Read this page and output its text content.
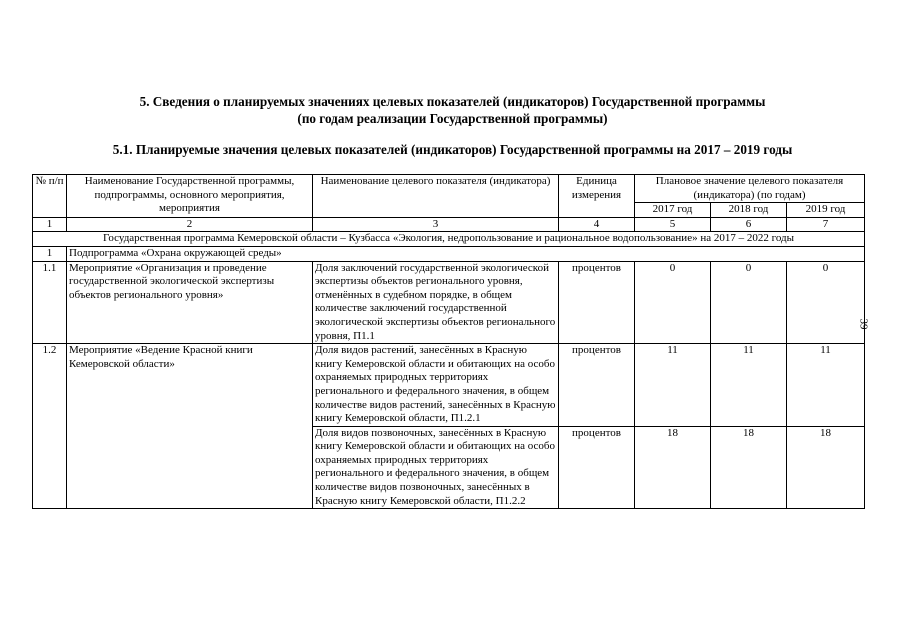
5. Сведения о планируемых значениях целевых показателей (индикаторов) Государственной программы
(по годам реализации Государственной программы)
5.1. Планируемые значения целевых показателей (индикаторов) Государственной программы на 2017 – 2019 годы
39
№ п/п	Наименование Государственной программы, подпрограммы, основного мероприятия, мероприятия	Наименование целевого показателя (индикатора)	Единица измерения	Плановое значение целевого показателя (индикатора) (по годам)		
				2017 год	2018 год	2019 год
1	2	3	4	5	6	7
Государственная программа Кемеровской области – Кузбасса «Экология, недропользование и рациональное водопользование» на 2017 – 2022 годы						
1	Подпрограмма «Охрана окружающей среды»					
1.1	Мероприятие «Организация и проведение государственной экологической экспертизы объектов регионального уровня»	Доля заключений государственной экологической экспертизы объектов регионального уровня, отменённых в судебном порядке, в общем количестве заключений государственной экологической экспертизы объектов регионального уровня, П1.1	процентов	0	0	0
1.2	Мероприятие «Ведение Красной книги Кемеровской области»	Доля видов растений, занесённых в Красную книгу Кемеровской области и обитающих на особо охраняемых природных территориях регионального и федерального значения, в общем количестве видов растений, занесённых в Красную книгу Кемеровской области, П1.2.1	процентов	11	11	11
		Доля видов позвоночных, занесённых в Красную книгу Кемеровской области и обитающих на особо охраняемых природных территориях регионального и федерального значения, в общем количестве видов позвоночных, занесённых в Красную книгу Кемеровской области, П1.2.2	процентов	18	18	18
